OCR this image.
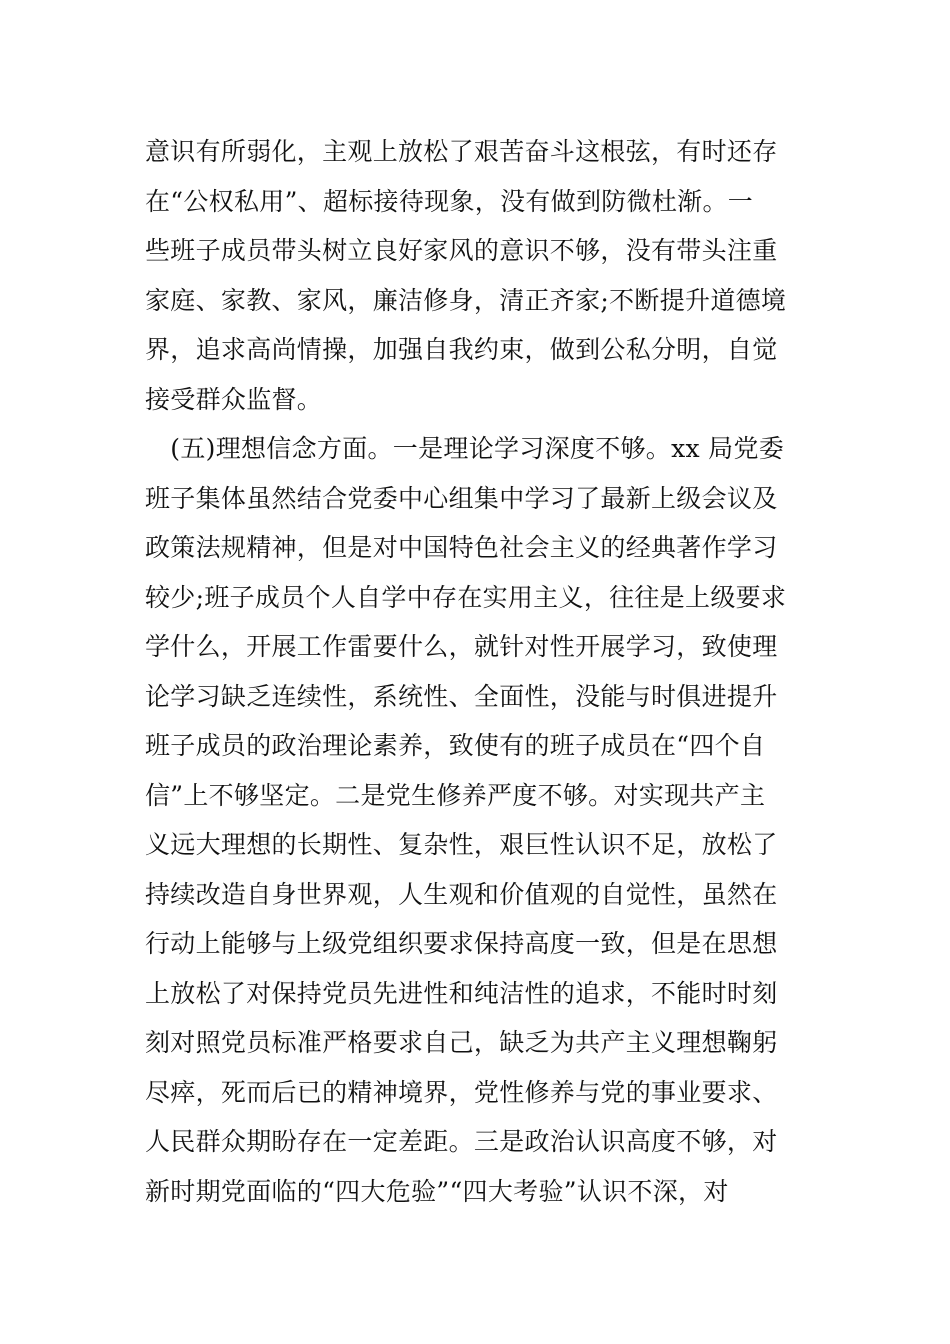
意识有所弱化，主观上放松了艰苦奋斗这根弦，有时还存
在“公权私用”、超标接待现象，没有做到防微杜渐。一
些班子成员带头树立良好家风的意识不够，没有带头注重
家庭、家教、家风，廉洁修身，清正齐家;不断提升道德境
界，追求高尚情操，加强自我约束，做到公私分明，自觉
接受群众监督。
　(五)理想信念方面。一是理论学习深度不够。xx 局党委
班子集体虽然结合党委中心组集中学习了最新上级会议及
政策法规精神，但是对中国特色社会主义的经典著作学习
较少;班子成员个人自学中存在实用主义，往往是上级要求
学什么，开展工作雷要什么，就针对性开展学习，致使理
论学习缺乏连续性，系统性、全面性，没能与时俱进提升
班子成员的政治理论素养，致使有的班子成员在“四个自
信”上不够坚定。二是党生修养严度不够。对实现共产主
义远大理想的长期性、复杂性，艰巨性认识不足，放松了
持续改造自身世界观，人生观和价值观的自觉性，虽然在
行动上能够与上级党组织要求保持高度一致，但是在思想
上放松了对保持党员先进性和纯洁性的追求，不能时时刻
刻对照党员标准严格要求自己，缺乏为共产主义理想鞠躬
尽瘁，死而后已的精神境界，党性修养与党的事业要求、
人民群众期盼存在一定差距。三是政治认识高度不够，对
新时期党面临的“四大危验”“四大考验”认识不深，对
